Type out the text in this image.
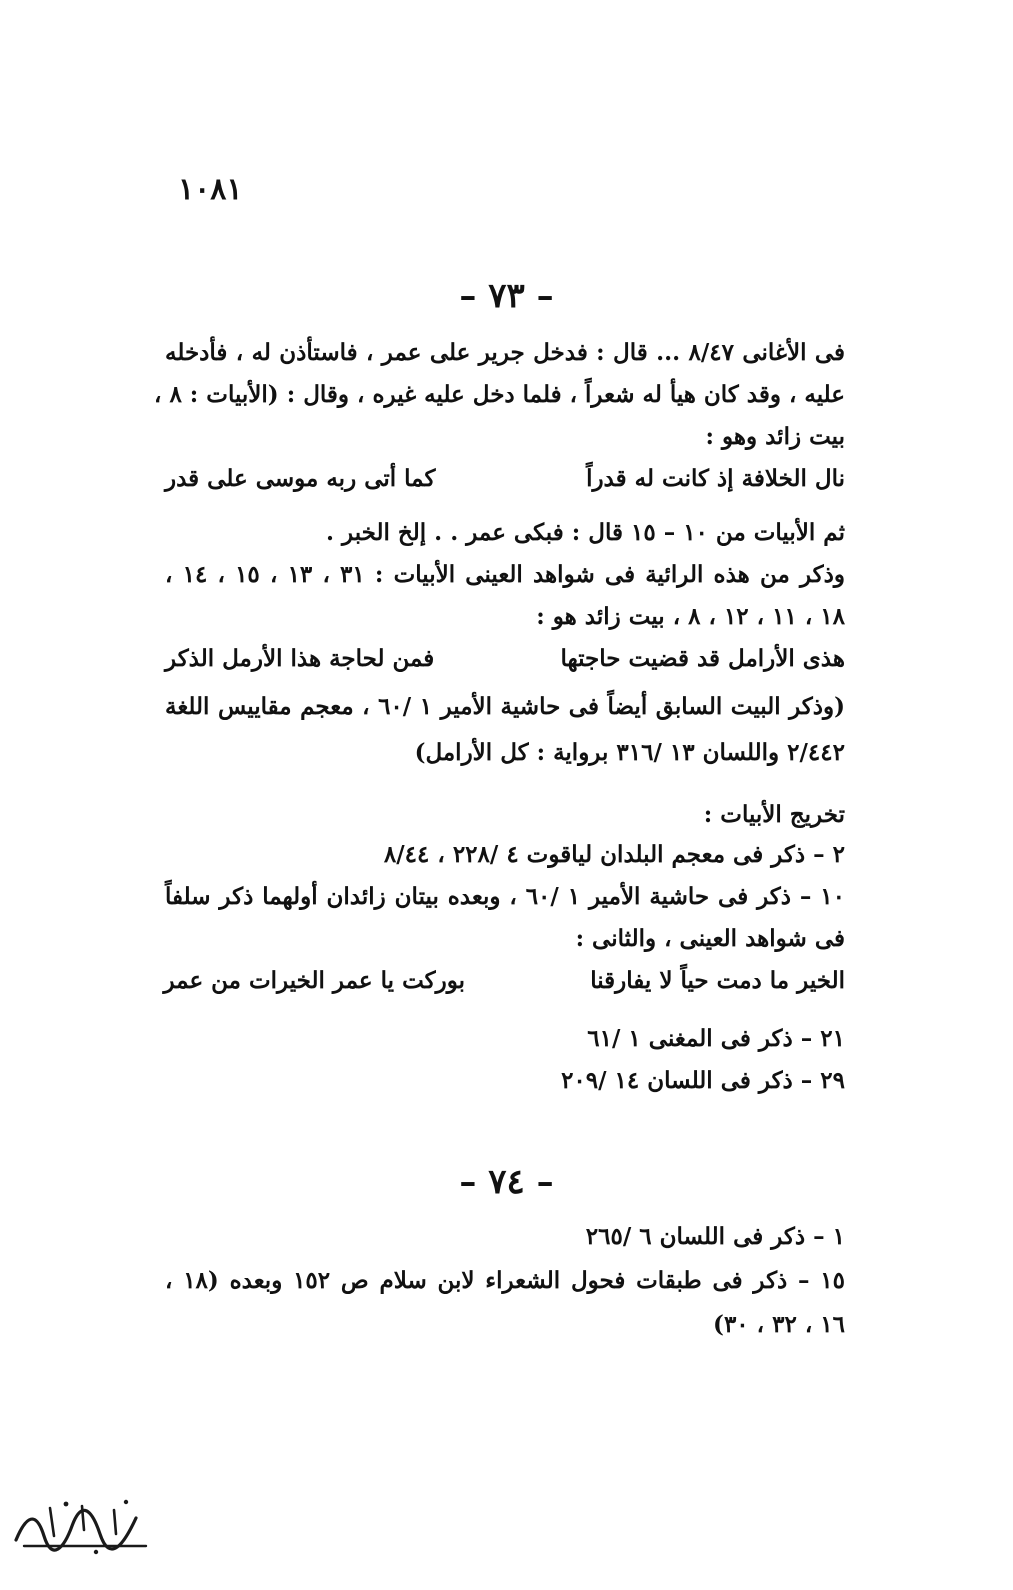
١٠٨١
– ٧٣ –
فى الأغانى ٨/٤٧ ... قال : فدخل جرير على عمر ، فاستأذن له ، فأدخله
عليه ، وقد كان هيأ له شعراً ، فلما دخل عليه غيره ، وقال : (الأبيات : ٨ ،
بيت زائد وهو :
نال الخلافة إذ كانت له قدراً
كما أتى ربه موسى على قدر
ثم الأبيات من ١٠ – ١٥ قال : فبكى عمر . . إلخ الخبر .
وذكر من هذه الرائية فى شواهد العينى الأبيات : ٣١ ، ١٣ ، ١٥ ، ١٤ ،
١٨ ، ١١ ، ١٢ ، ٨ ، بيت زائد هو :
هذى الأرامل قد قضيت حاجتها
فمن لحاجة هذا الأرمل الذكر
(وذكر البيت السابق أيضاً فى حاشية الأمير ١ /٦٠ ، معجم مقاييس اللغة
٢/٤٤٢ واللسان ١٣ /٣١٦ برواية : كل الأرامل)
تخريج الأبيات :
٢ – ذكر فى معجم البلدان لياقوت ٤ /٢٢٨ ، ٨/٤٤
١٠ – ذكر فى حاشية الأمير ١ /٦٠ ، وبعده بيتان زائدان أولهما ذكر سلفاً
فى شواهد العينى ، والثانى :
الخير ما دمت حياً لا يفارقنا
بوركت يا عمر الخيرات من عمر
٢١ – ذكر فى المغنى ١ /٦١
٢٩ – ذكر فى اللسان ١٤ /٢٠٩
– ٧٤ –
١ – ذكر فى اللسان ٦ /٢٦٥
١٥ – ذكر فى طبقات فحول الشعراء لابن سلام ص ١٥٢ وبعده (١٨ ،
١٦ ، ٣٢ ، ٣٠)
